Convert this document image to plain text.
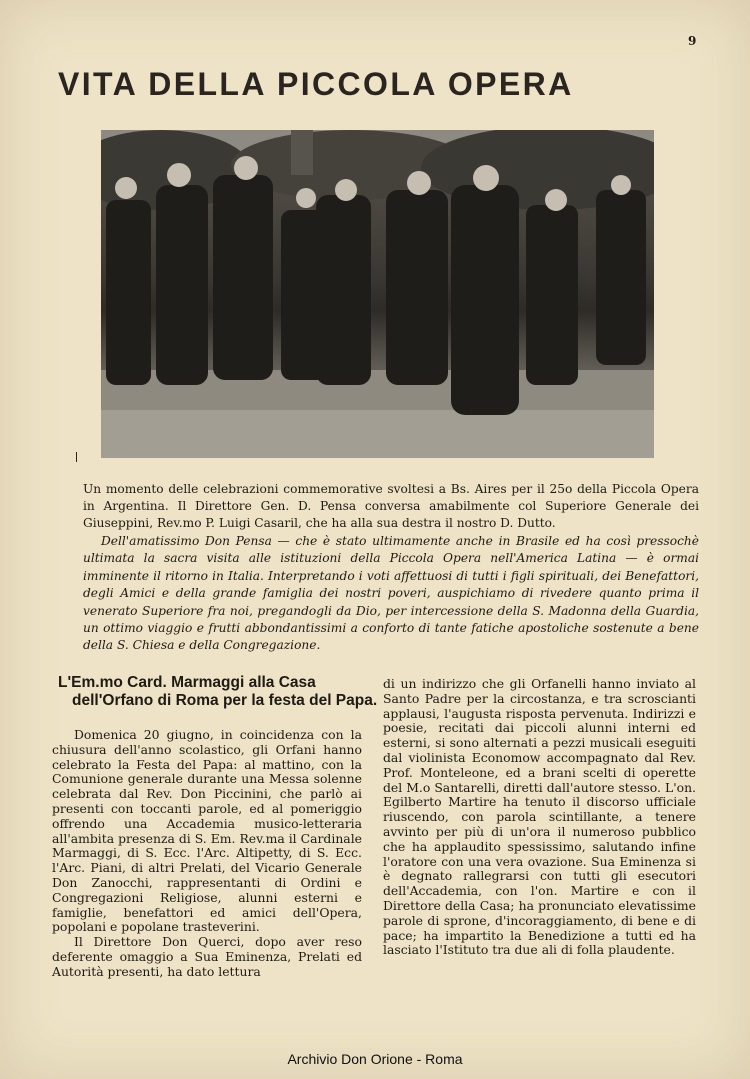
9
VITA DELLA PICCOLA OPERA

Un momento delle celebrazioni commemorative svoltesi a Bs. Aires per il 25o della Piccola Opera in Argentina. Il Direttore Gen. D. Pensa conversa amabilmente col Superiore Generale dei Giuseppini, Rev.mo P. Luigi Casaril, che ha alla sua destra il nostro D. Dutto.

Dell'amatissimo Don Pensa — che è stato ultimamente anche in Brasile ed ha così pressochè ultimata la sacra visita alle istituzioni della Piccola Opera nell'America Latina — è ormai imminente il ritorno in Italia. Interpretando i voti affettuosi di tutti i figli spirituali, dei Benefattori, degli Amici e della grande famiglia dei nostri poveri, auspichiamo di rivedere quanto prima il venerato Superiore fra noi, pregandogli da Dio, per intercessione della S. Madonna della Guardia, un ottimo viaggio e frutti abbondantissimi a conforto di tante fatiche apostoliche sostenute a bene della S. Chiesa e della Congregazione.

L'Em.mo Card. Marmaggi alla Casa dell'Orfano di Roma per la festa del Papa.

Domenica 20 giugno, in coincidenza con la chiusura dell'anno scolastico, gli Orfani hanno celebrato la Festa del Papa: al mattino, con la Comunione generale durante una Messa solenne celebrata dal Rev. Don Piccinini, che parlò ai presenti con toccanti parole, ed al pomeriggio offrendo una Accademia musico-letteraria all'ambita presenza di S. Em. Rev.ma il Cardinale Marmaggi, di S. Ecc. l'Arc. Altipetty, di S. Ecc. l'Arc. Piani, di altri Prelati, del Vicario Generale Don Zanocchi, rappresentanti di Ordini e Congregazioni Religiose, alunni esterni e famiglie, benefattori ed amici dell'Opera, popolani e popolane trasteverini.

Il Direttore Don Querci, dopo aver reso deferente omaggio a Sua Eminenza, Prelati ed Autorità presenti, ha dato lettura

di un indirizzo che gli Orfanelli hanno inviato al Santo Padre per la circostanza, e tra scroscianti applausi, l'augusta risposta pervenuta. Indirizzi e poesie, recitati dai piccoli alunni interni ed esterni, si sono alternati a pezzi musicali eseguiti dal violinista Economow accompagnato dal Rev. Prof. Monteleone, ed a brani scelti di operette del M.o Santarelli, diretti dall'autore stesso. L'on. Egilberto Martire ha tenuto il discorso ufficiale riuscendo, con parola scintillante, a tenere avvinto per più di un'ora il numeroso pubblico che ha applaudito spessissimo, salutando infine l'oratore con una vera ovazione. Sua Eminenza si è degnato rallegrarsi con tutti gli esecutori dell'Accademia, con l'on. Martire e con il Direttore della Casa; ha pronunciato elevatissime parole di sprone, d'incoraggiamento, di bene e di pace; ha impartito la Benedizione a tutti ed ha lasciato l'Istituto tra due ali di folla plaudente.

Archivio Don Orione - Roma
